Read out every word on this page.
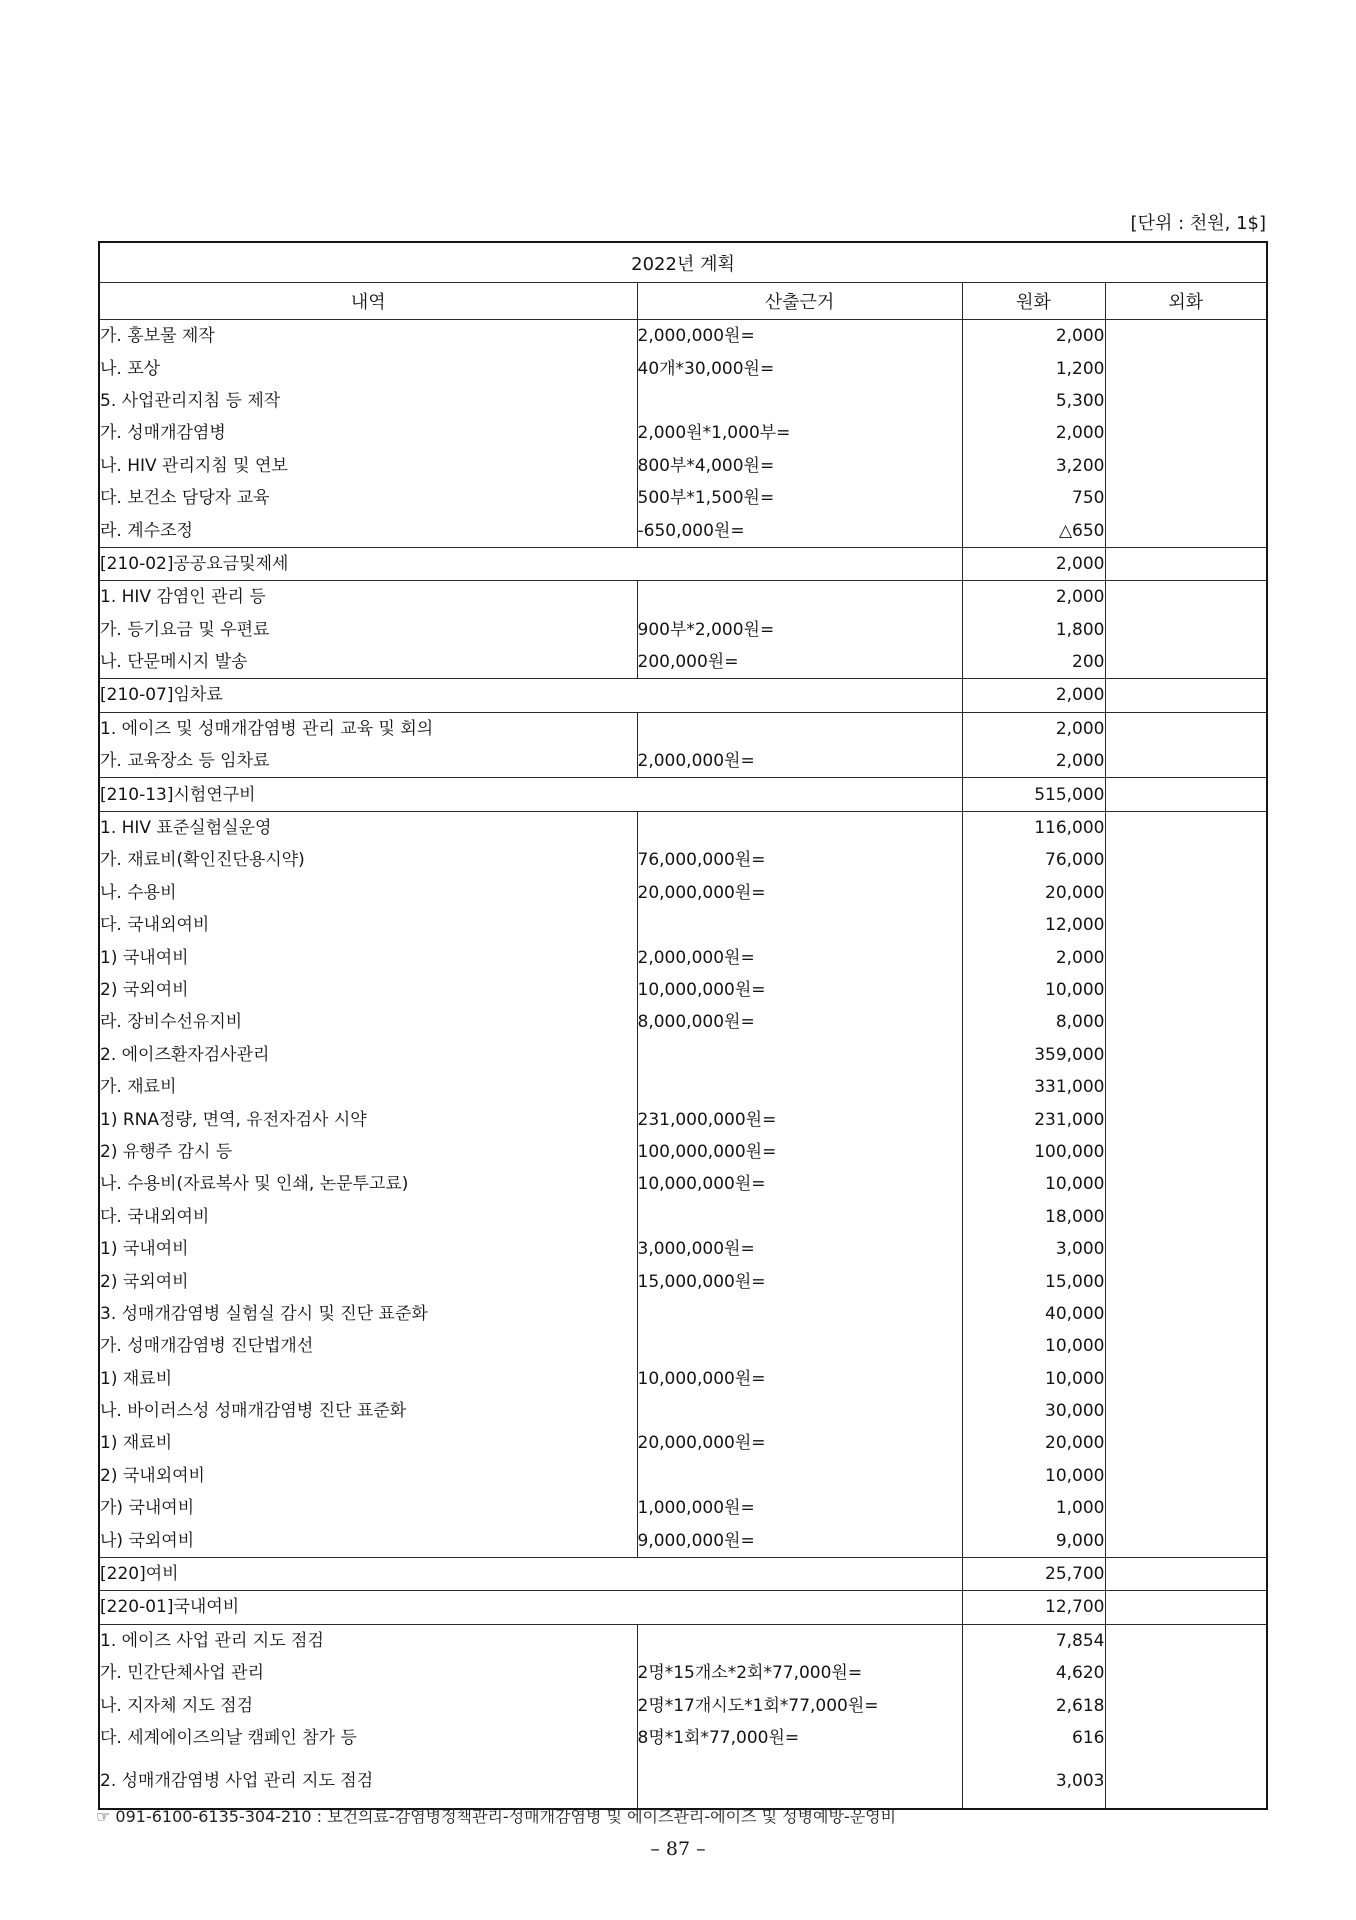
[단위 : 천원, 1$]
2022년 계획			
내역	산출근거	원화	외화
가. 홍보물 제작	2,000,000원=	2,000	
나. 포상	40개*30,000원=	1,200	
5. 사업관리지침 등 제작		5,300	
가. 성매개감염병	2,000원*1,000부=	2,000	
나. HIV 관리지침 및 연보	800부*4,000원=	3,200	
다. 보건소 담당자 교육	500부*1,500원=	750	
라. 계수조정	-650,000원=	△650	
[210-02]공공요금및제세		2,000	
1. HIV 감염인 관리 등		2,000	
가. 등기요금 및 우편료	900부*2,000원=	1,800	
나. 단문메시지 발송	200,000원=	200	
[210-07]임차료		2,000	
1. 에이즈 및 성매개감염병 관리 교육 및 회의		2,000	
가. 교육장소 등 임차료	2,000,000원=	2,000	
[210-13]시험연구비		515,000	
1. HIV 표준실험실운영		116,000	
가. 재료비(확인진단용시약)	76,000,000원=	76,000	
나. 수용비	20,000,000원=	20,000	
다. 국내외여비		12,000	
1) 국내여비	2,000,000원=	2,000	
2) 국외여비	10,000,000원=	10,000	
라. 장비수선유지비	8,000,000원=	8,000	
2. 에이즈환자검사관리		359,000	
가. 재료비		331,000	
1) RNA정량, 면역, 유전자검사 시약	231,000,000원=	231,000	
2) 유행주 감시 등	100,000,000원=	100,000	
나. 수용비(자료복사 및 인쇄, 논문투고료)	10,000,000원=	10,000	
다. 국내외여비		18,000	
1) 국내여비	3,000,000원=	3,000	
2) 국외여비	15,000,000원=	15,000	
3. 성매개감염병 실험실 감시 및 진단 표준화		40,000	
가. 성매개감염병 진단법개선		10,000	
1) 재료비	10,000,000원=	10,000	
나. 바이러스성 성매개감염병 진단 표준화		30,000	
1) 재료비	20,000,000원=	20,000	
2) 국내외여비		10,000	
가) 국내여비	1,000,000원=	1,000	
나) 국외여비	9,000,000원=	9,000	
[220]여비		25,700	
[220-01]국내여비		12,700	
1. 에이즈 사업 관리 지도 점검		7,854	
가. 민간단체사업 관리	2명*15개소*2회*77,000원=	4,620	
나. 지자체 지도 점검	2명*17개시도*1회*77,000원=	2,618	
다. 세계에이즈의날 캠페인 참가 등	8명*1회*77,000원=	616	
2. 성매개감염병 사업 관리 지도 점검		3,003	
☞ 091-6100-6135-304-210 : 보건의료-감염병정책관리-성매개감염병 및 에이즈관리-에이즈 및 성병예방-운영비
– 87 –
